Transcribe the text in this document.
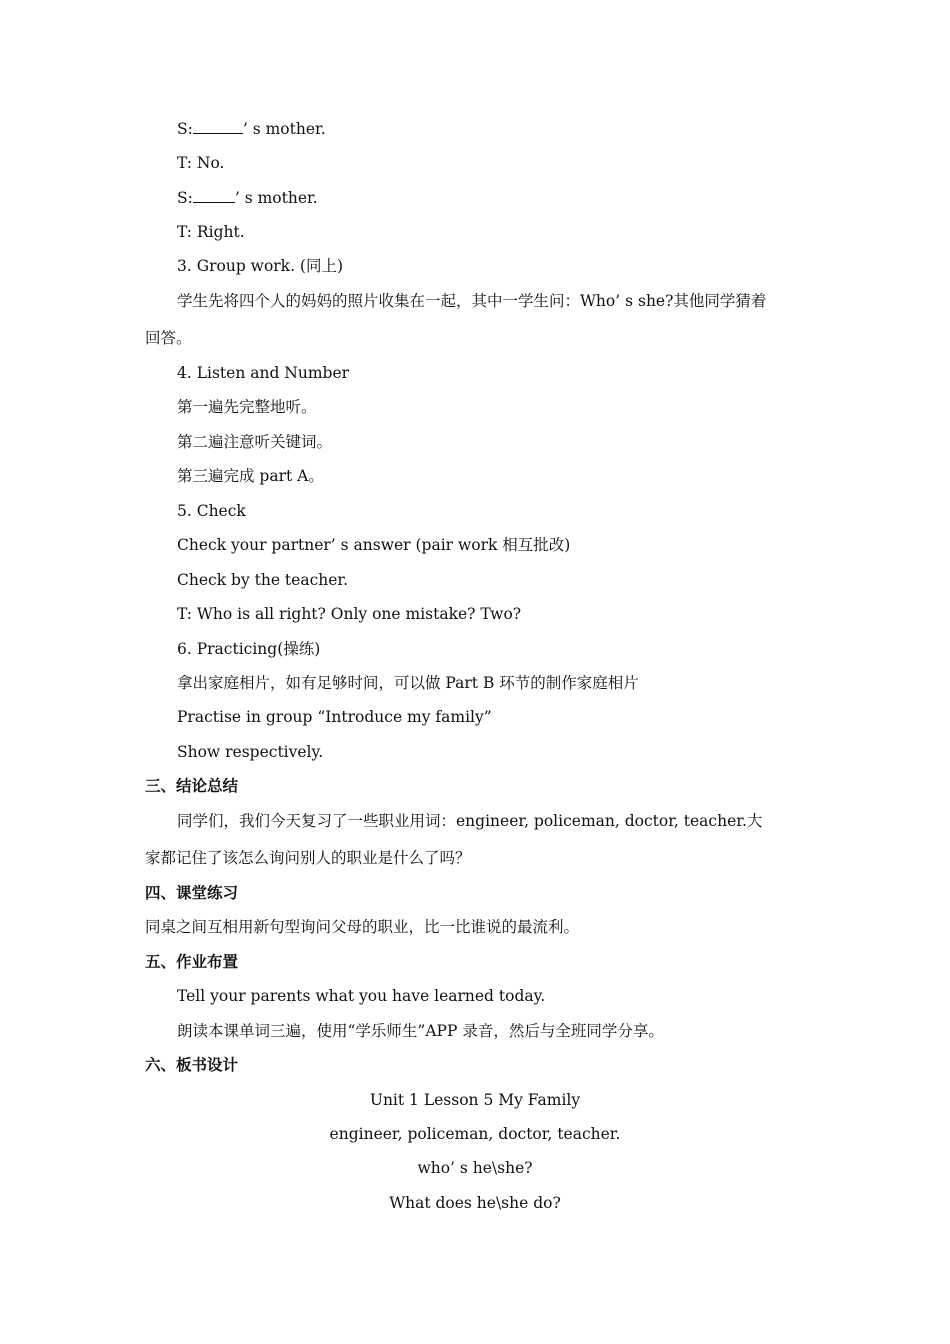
S:	’ s mother.
T: No.
S:	’ s mother.
T: Right.
3. Group work. (同上)
学生先将四个人的妈妈的照片收集在一起，其中一学生问：Who’ s she?其他同学猜着
回答。
4. Listen and Number
第一遍先完整地听。
第二遍注意听关键词。
第三遍完成 part A。
5. Check
Check your partner’ s answer (pair work 相互批改)
Check by the teacher.
T: Who is all right? Only one mistake? Two?
6. Practicing(操练)
拿出家庭相片，如有足够时间，可以做 Part B 环节的制作家庭相片
Practise in group “Introduce my family”
Show respectively.
三、结论总结
同学们，我们今天复习了一些职业用词：engineer, policeman, doctor, teacher.大
家都记住了该怎么询问别人的职业是什么了吗？
四、课堂练习
同桌之间互相用新句型询问父母的职业，比一比谁说的最流利。
五、作业布置
Tell your parents what you have learned today.
朗读本课单词三遍，使用“学乐师生”APP 录音，然后与全班同学分享。
六、板书设计
Unit 1 Lesson 5 My Family
engineer, policeman, doctor, teacher.
who’ s he\she?
What does he\she do?
